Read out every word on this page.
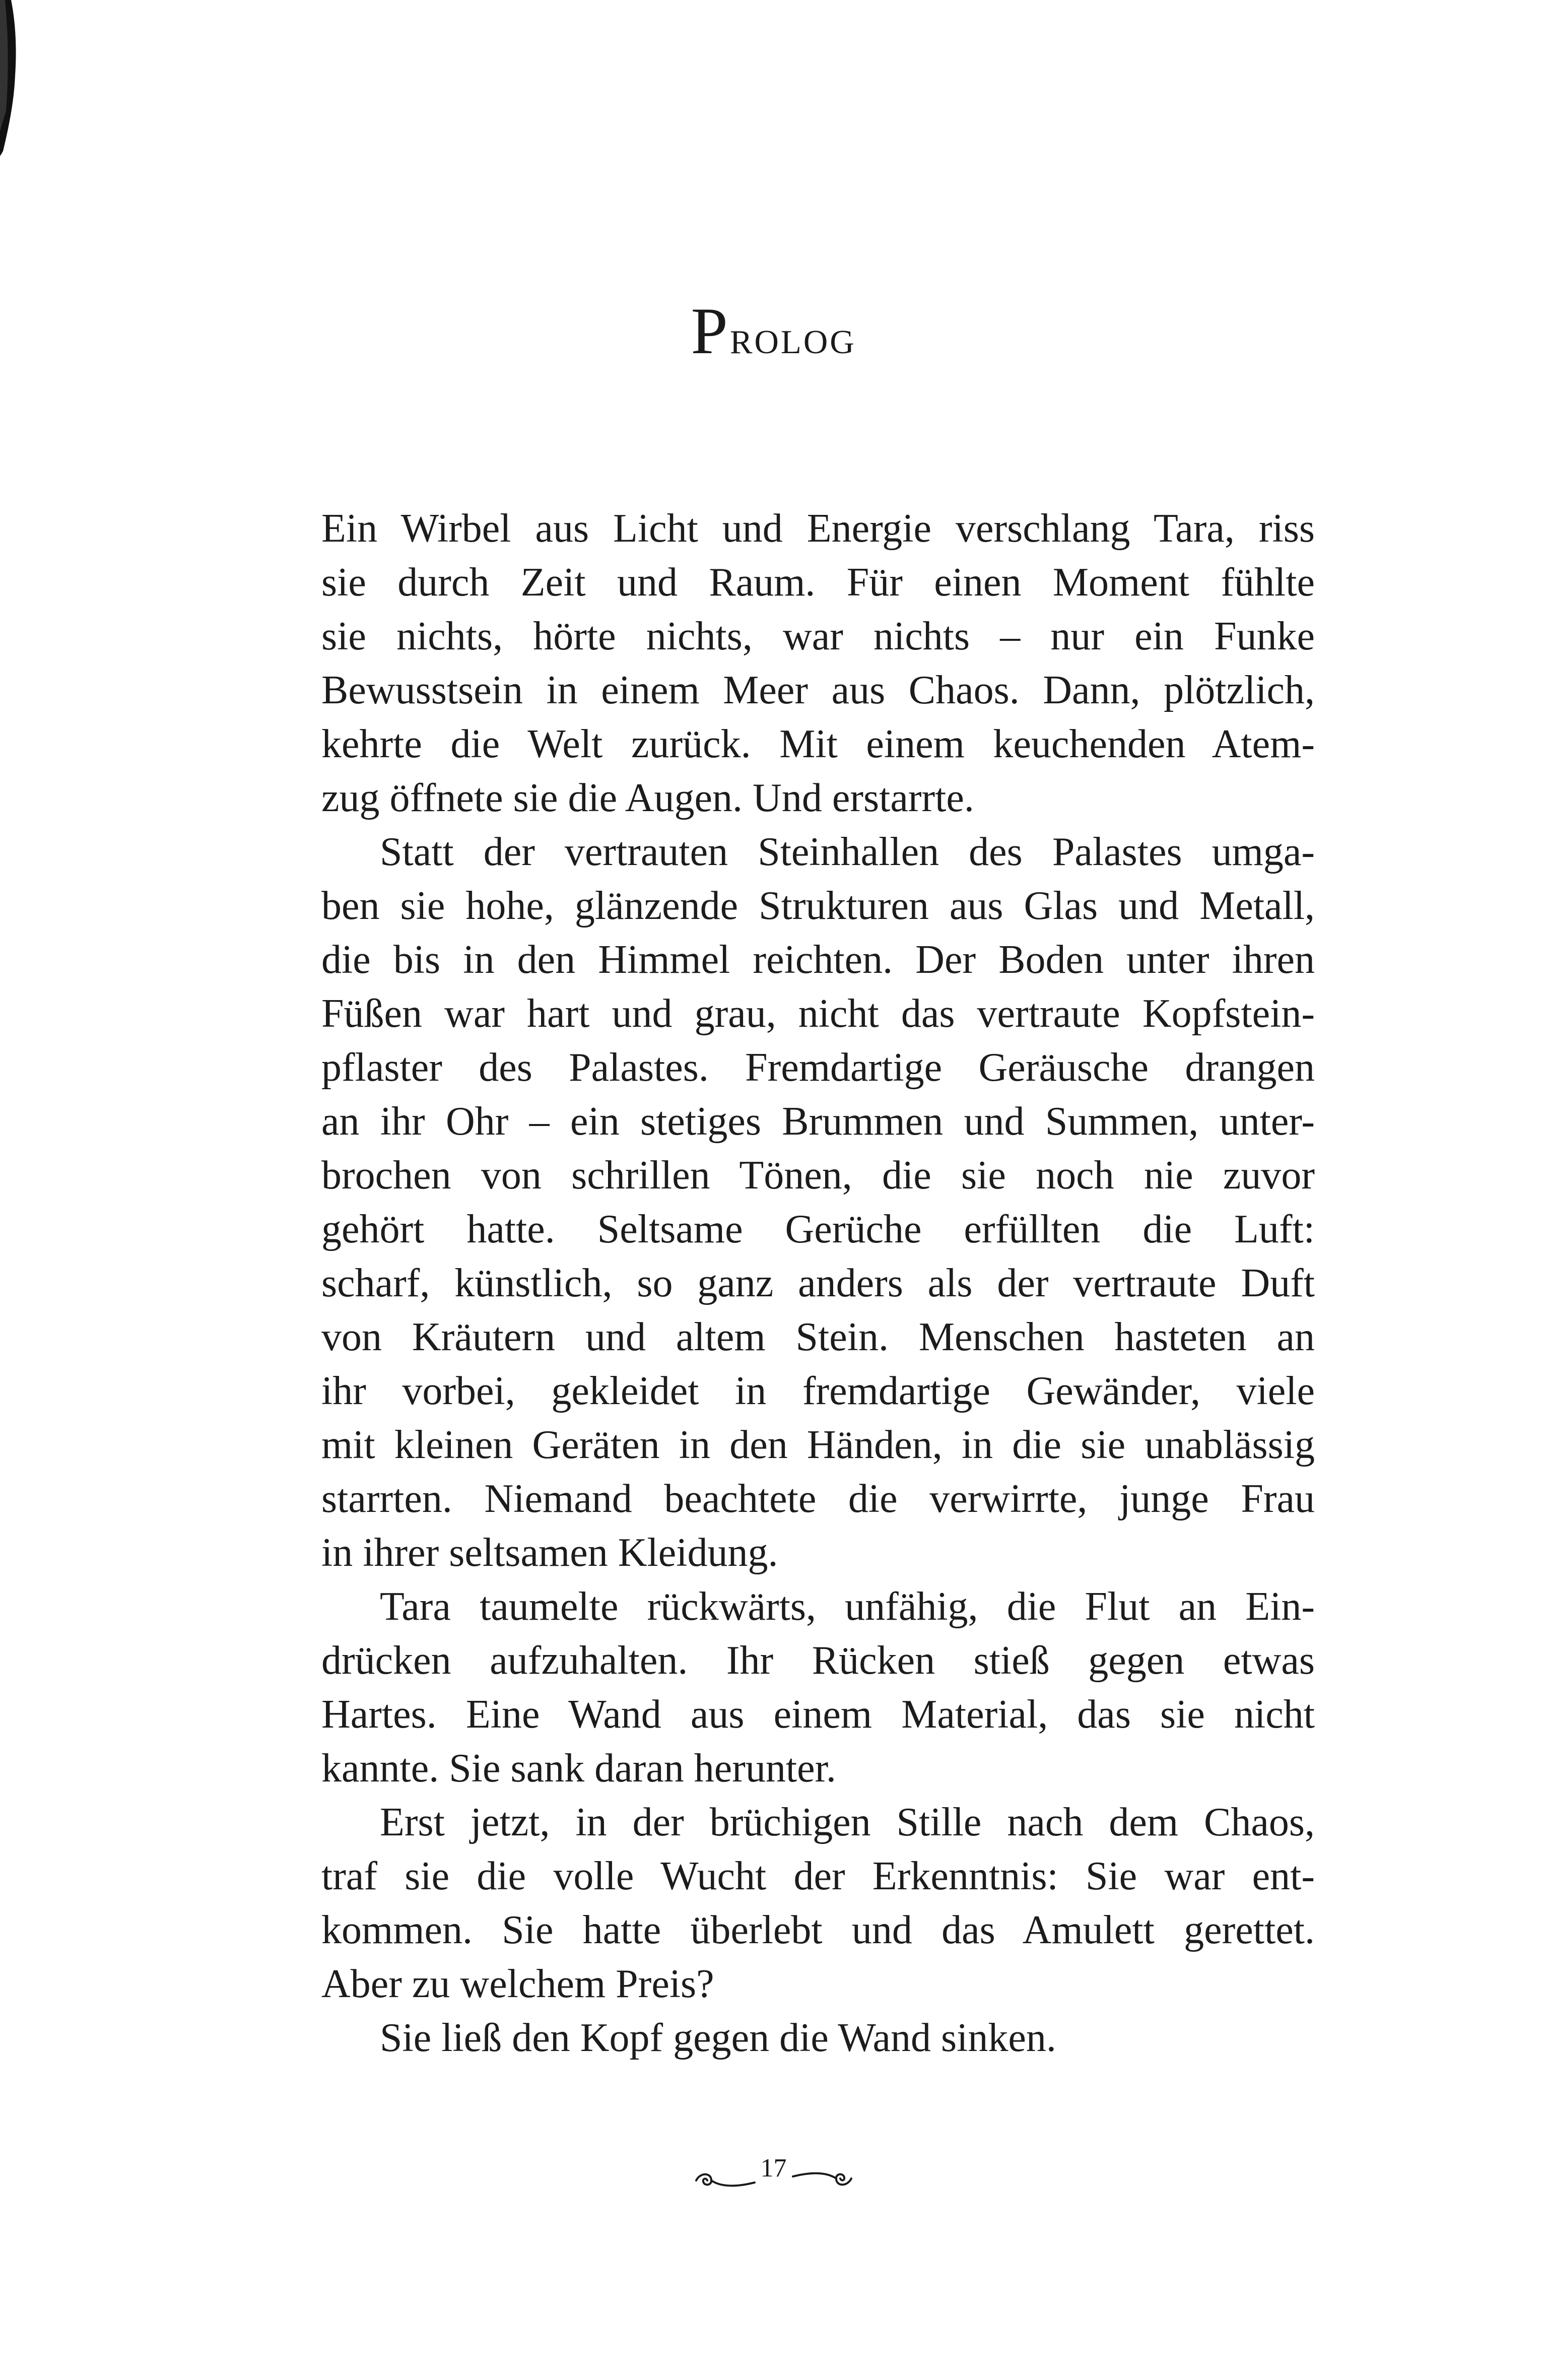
Prolog
Ein Wirbel aus Licht und Energie verschlang Tara, riss
sie durch Zeit und Raum. Für einen Moment fühlte
sie nichts, hörte nichts, war nichts – nur ein Funke
Bewusstsein in einem Meer aus Chaos. Dann, plötzlich,
kehrte die Welt zurück. Mit einem keuchenden Atem-
zug öffnete sie die Augen. Und erstarrte.
Statt der vertrauten Steinhallen des Palastes umga-
ben sie hohe, glänzende Strukturen aus Glas und Metall,
die bis in den Himmel reichten. Der Boden unter ihren
Füßen war hart und grau, nicht das vertraute Kopfstein-
pflaster des Palastes. Fremdartige Geräusche drangen
an ihr Ohr – ein stetiges Brummen und Summen, unter-
brochen von schrillen Tönen, die sie noch nie zuvor
gehört hatte. Seltsame Gerüche erfüllten die Luft:
scharf, künstlich, so ganz anders als der vertraute Duft
von Kräutern und altem Stein. Menschen hasteten an
ihr vorbei, gekleidet in fremdartige Gewänder, viele
mit kleinen Geräten in den Händen, in die sie unablässig
starrten. Niemand beachtete die verwirrte, junge Frau
in ihrer seltsamen Kleidung.
Tara taumelte rückwärts, unfähig, die Flut an Ein-
drücken aufzuhalten. Ihr Rücken stieß gegen etwas
Hartes. Eine Wand aus einem Material, das sie nicht
kannte. Sie sank daran herunter.
Erst jetzt, in der brüchigen Stille nach dem Chaos,
traf sie die volle Wucht der Erkenntnis: Sie war ent-
kommen. Sie hatte überlebt und das Amulett gerettet.
Aber zu welchem Preis?
Sie ließ den Kopf gegen die Wand sinken.
17
